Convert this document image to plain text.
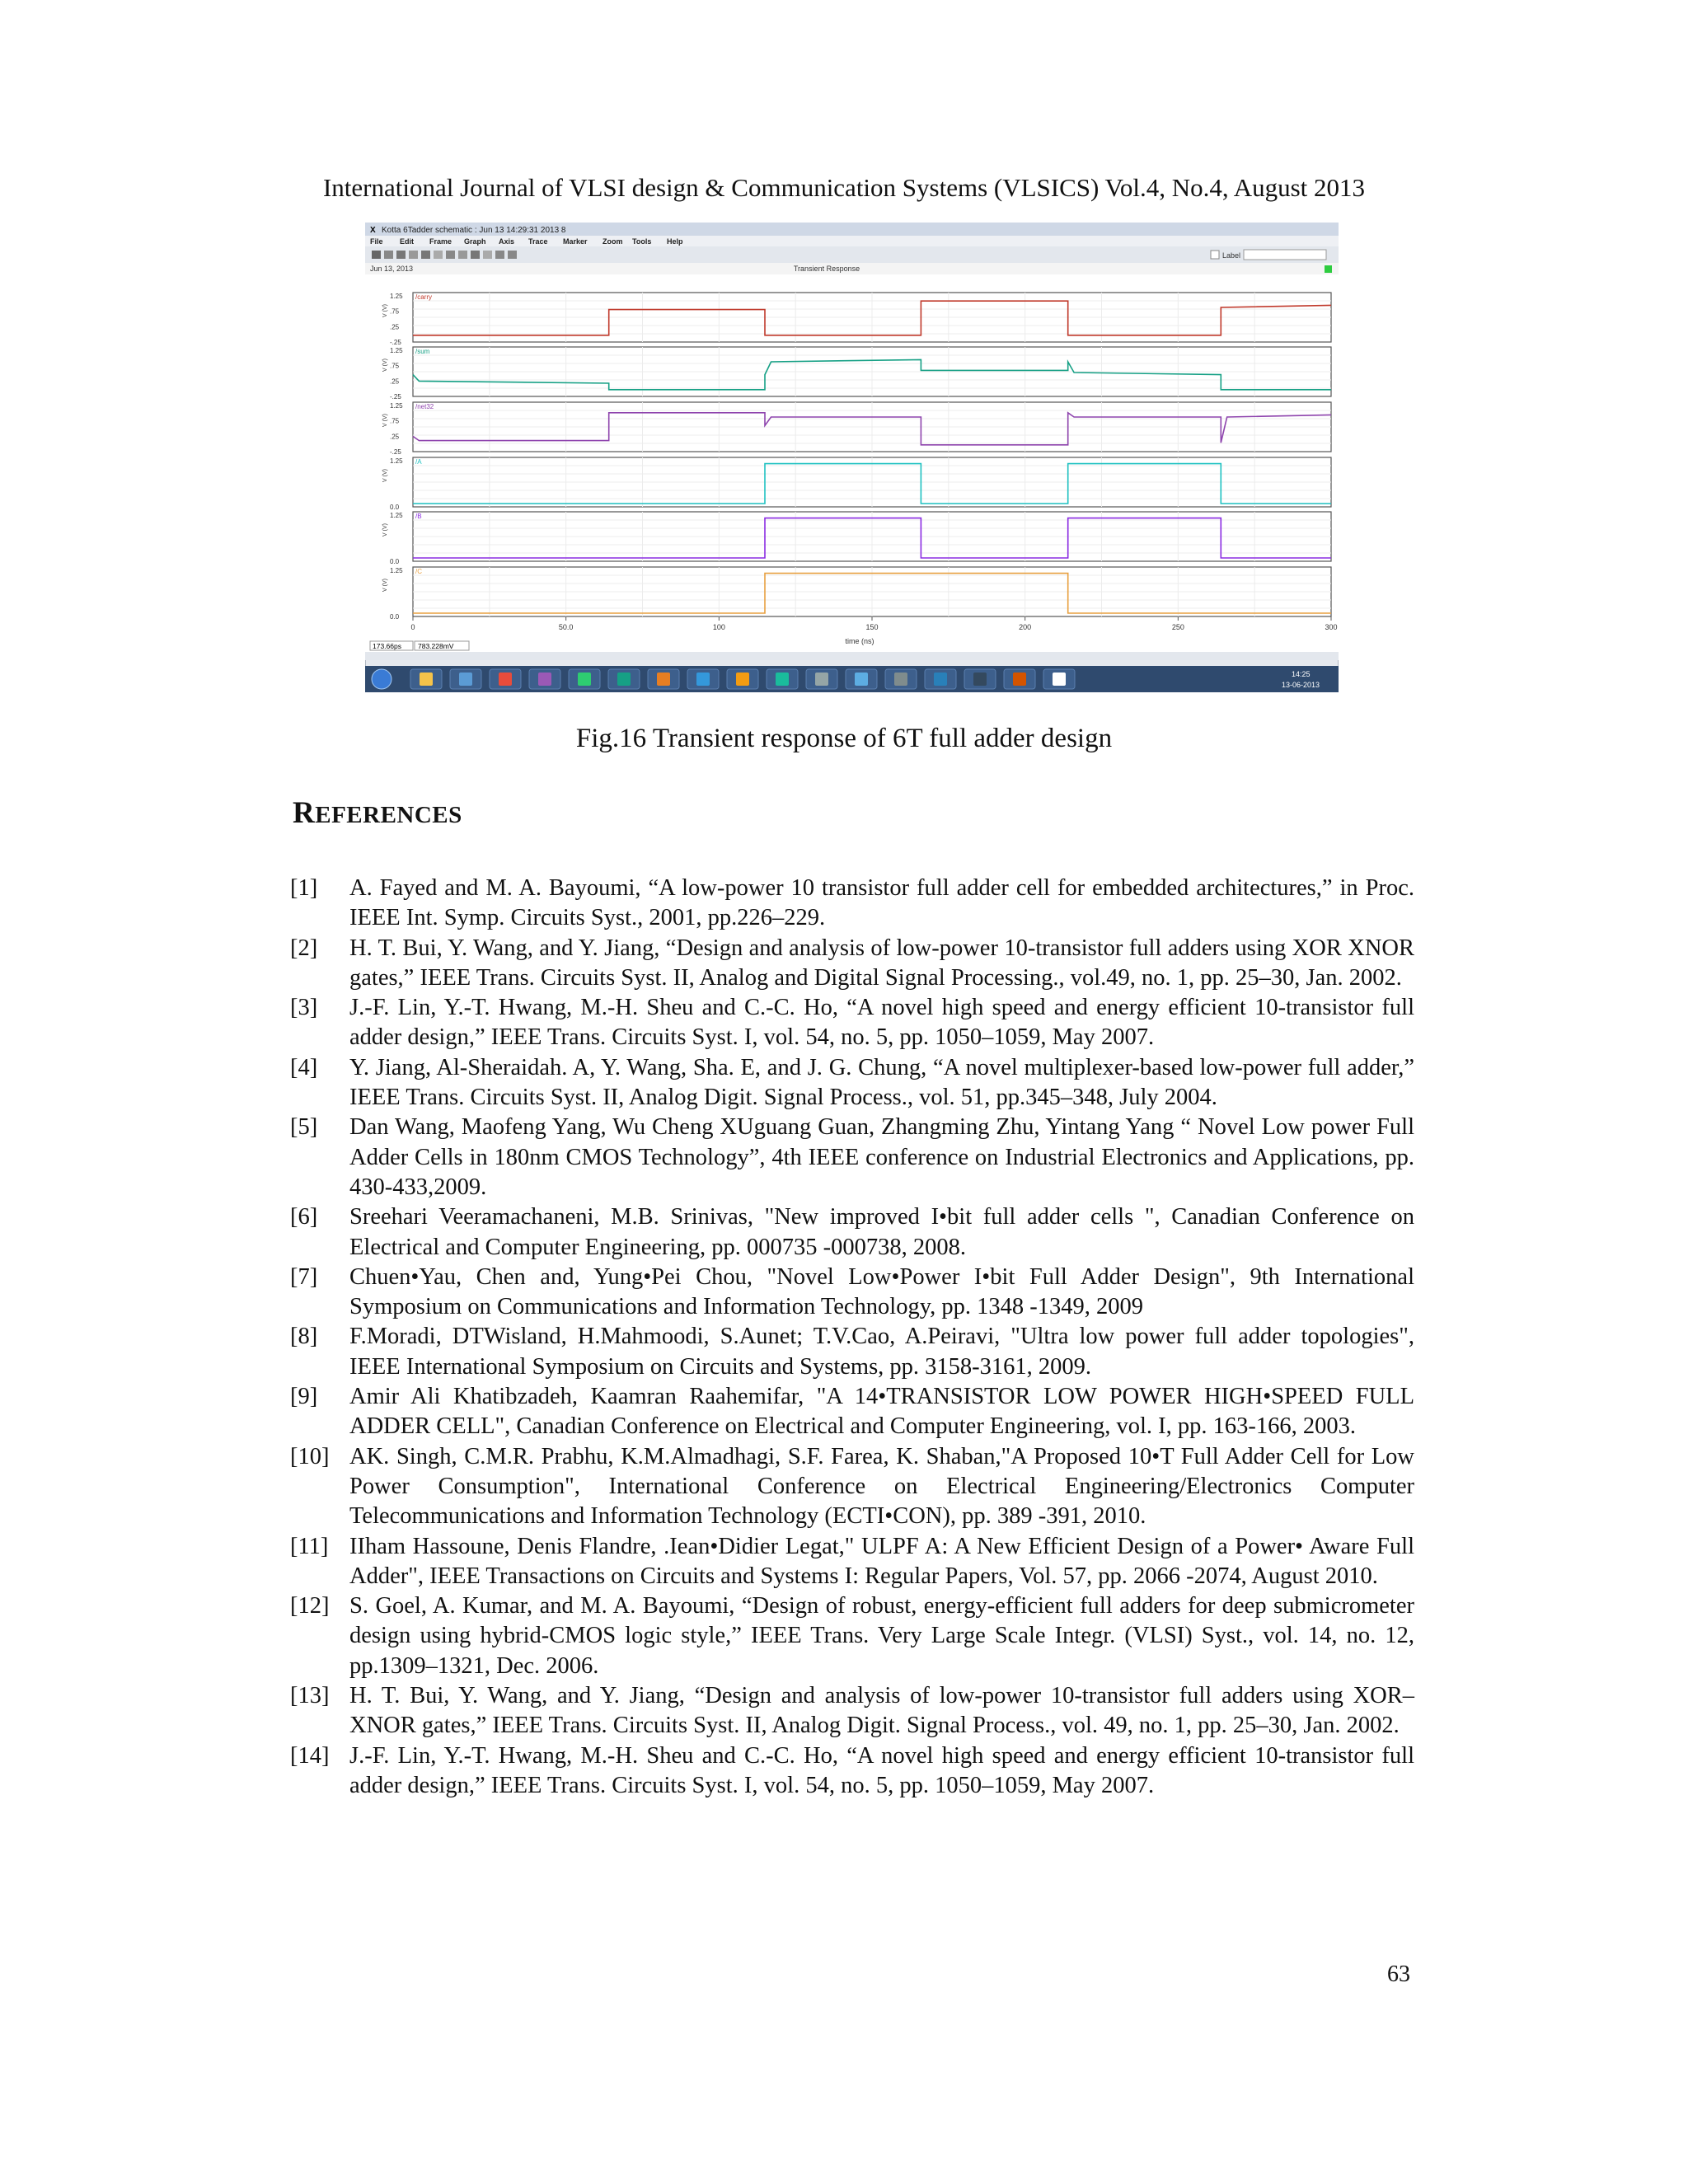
International Journal of VLSI design & Communication Systems (VLSICS) Vol.4, No.4, August 2013
X Kotta 6Tadder schematic : Jun 13 14:29:31 2013 8
File Edit Frame Graph Axis Trace Marker Zoom Tools Help
Label
Jun 13, 2013	Transient Response
/carry
1.25
.75
.25
-.25
V (V)
/sum
1.25
.75
.25
-.25
V (V)
/net32
1.25
.75
.25
-.25
V (V)
/A
1.25
0.0
V (V)
/B
1.25
0.0
V (V)
/C
1.25
0.0
V (V)
0	50.0	100	150	200	250	300
time (ns)
173.66ps 783.228mV
14:25
13-06-2013
Fig.16 Transient response of 6T full adder design
REFERENCES
[1]	A. Fayed and M. A. Bayoumi, “A low-power 10 transistor full adder cell for embedded architectures,” in Proc. IEEE Int. Symp. Circuits Syst., 2001, pp.226–229.
[2]	H. T. Bui, Y. Wang, and Y. Jiang, “Design and analysis of low-power 10-transistor full adders using XOR XNOR gates,” IEEE Trans. Circuits Syst. II, Analog and Digital Signal Processing., vol.49, no. 1, pp. 25–30, Jan. 2002.
[3]	J.-F. Lin, Y.-T. Hwang, M.-H. Sheu and C.-C. Ho, “A novel high speed and energy efficient 10-transistor full adder design,” IEEE Trans. Circuits Syst. I, vol. 54, no. 5, pp. 1050–1059, May 2007.
[4]	Y. Jiang, Al-Sheraidah. A, Y. Wang, Sha. E, and J. G. Chung, “A novel multiplexer-based low-power full adder,” IEEE Trans. Circuits Syst. II, Analog Digit. Signal Process., vol. 51, pp.345–348, July 2004.
[5]	Dan Wang, Maofeng Yang, Wu Cheng XUguang Guan, Zhangming Zhu, Yintang Yang “ Novel Low power Full Adder Cells in 180nm CMOS Technology”, 4th IEEE conference on Industrial Electronics and Applications, pp. 430-433,2009.
[6]	Sreehari Veeramachaneni, M.B. Srinivas, "New improved I•bit full adder cells ", Canadian Conference on Electrical and Computer Engineering, pp. 000735 -000738, 2008.
[7]	Chuen•Yau, Chen and, Yung•Pei Chou, "Novel Low•Power I•bit Full Adder Design", 9th International Symposium on Communications and Information Technology, pp. 1348 -1349, 2009
[8]	F.Moradi, DTWisland, H.Mahmoodi, S.Aunet; T.V.Cao, A.Peiravi, "Ultra low power full adder topologies", IEEE International Symposium on Circuits and Systems, pp. 3158-3161, 2009.
[9]	Amir Ali Khatibzadeh, Kaamran Raahemifar, "A 14•TRANSISTOR LOW POWER HIGH•SPEED FULL ADDER CELL", Canadian Conference on Electrical and Computer Engineering, vol. I, pp. 163-166, 2003.
[10] AK. Singh, C.M.R. Prabhu, K.M.Almadhagi, S.F. Farea, K. Shaban,"A Proposed 10•T Full Adder Cell for Low Power Consumption", International Conference on Electrical Engineering/Electronics Computer Telecommunications and Information Technology (ECTI•CON), pp. 389 -391, 2010.
[11] IIham Hassoune, Denis Flandre, .Iean•Didier Legat," ULPF A: A New Efficient Design of a Power• Aware Full Adder", IEEE Transactions on Circuits and Systems I: Regular Papers, Vol. 57, pp. 2066 -2074, August 2010.
[12] S. Goel, A. Kumar, and M. A. Bayoumi, “Design of robust, energy-efficient full adders for deep submicrometer design using hybrid-CMOS logic style,” IEEE Trans. Very Large Scale Integr. (VLSI) Syst., vol. 14, no. 12, pp.1309–1321, Dec. 2006.
[13] H. T. Bui, Y. Wang, and Y. Jiang, “Design and analysis of low-power 10-transistor full adders using XOR–XNOR gates,” IEEE Trans. Circuits Syst. II, Analog Digit. Signal Process., vol. 49, no. 1, pp. 25–30, Jan. 2002.
[14] J.-F. Lin, Y.-T. Hwang, M.-H. Sheu and C.-C. Ho, “A novel high speed and energy efficient 10-transistor full adder design,” IEEE Trans. Circuits Syst. I, vol. 54, no. 5, pp. 1050–1059, May 2007.
63
